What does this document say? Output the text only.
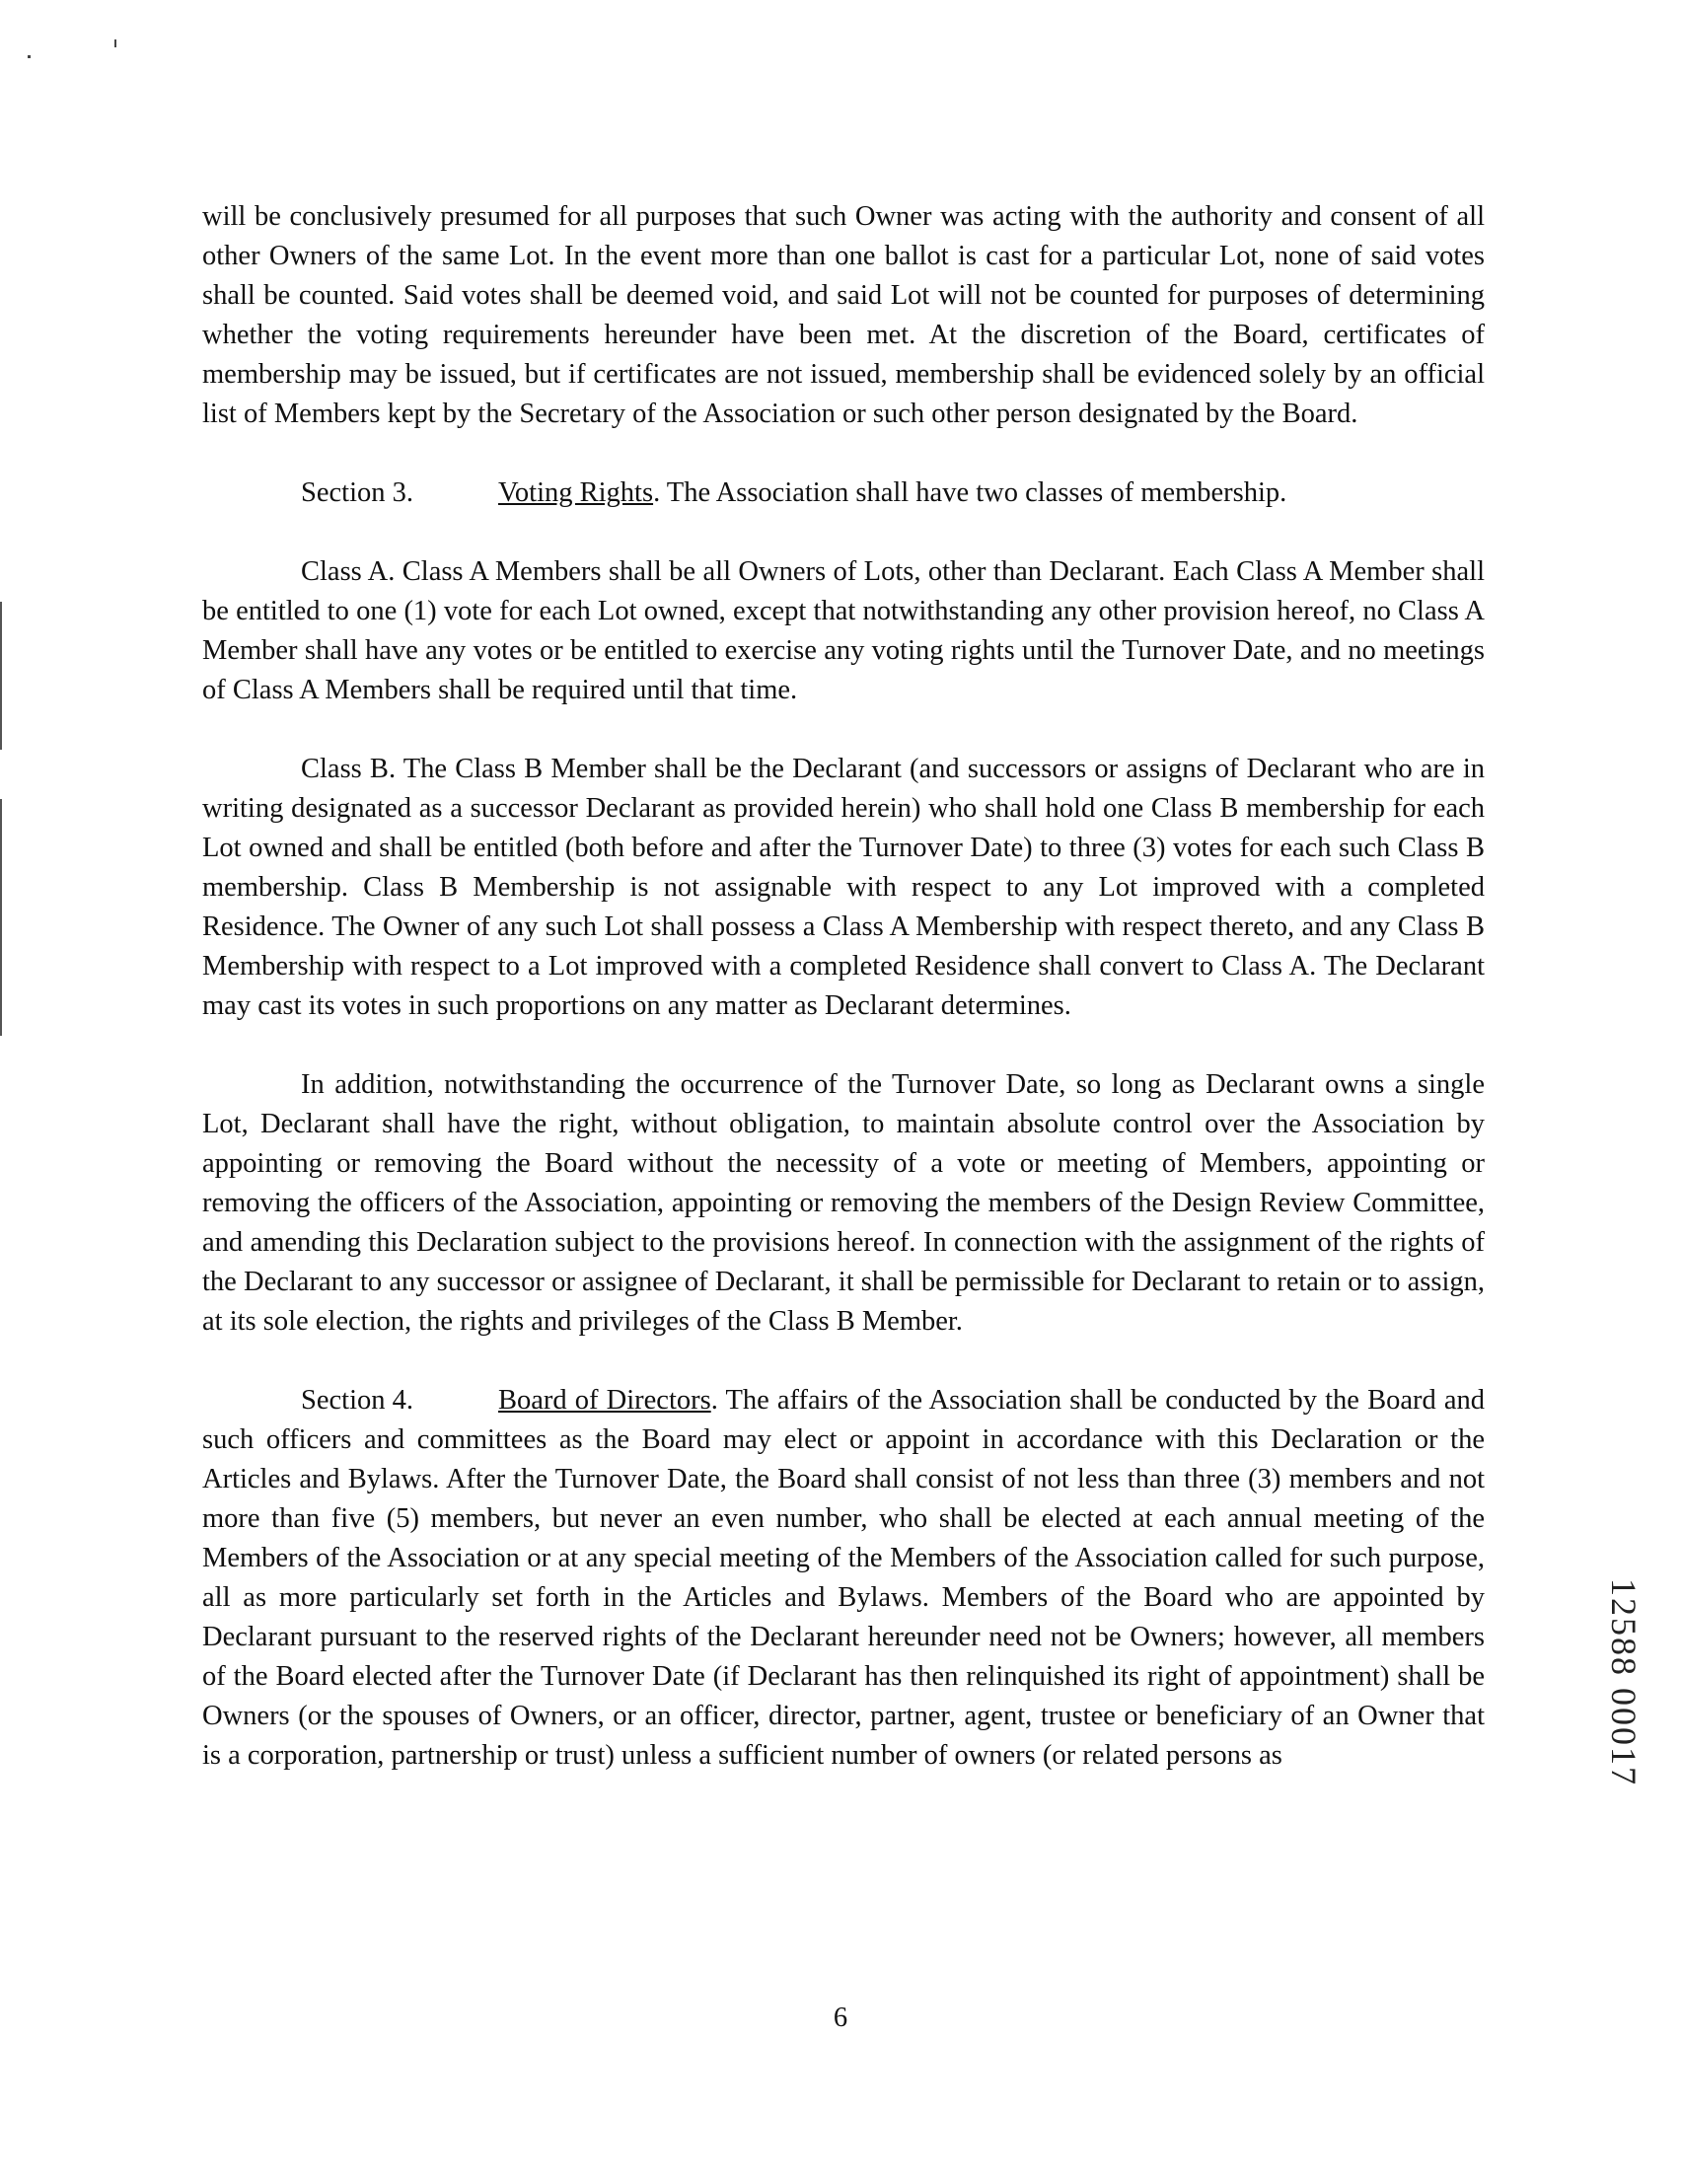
will be conclusively presumed for all purposes that such Owner was acting with the authority and consent of all other Owners of the same Lot. In the event more than one ballot is cast for a particular Lot, none of said votes shall be counted. Said votes shall be deemed void, and said Lot will not be counted for purposes of determining whether the voting requirements hereunder have been met. At the discretion of the Board, certificates of membership may be issued, but if certificates are not issued, membership shall be evidenced solely by an official list of Members kept by the Secretary of the Association or such other person designated by the Board.

Section 3.	Voting Rights. The Association shall have two classes of membership.

Class A. Class A Members shall be all Owners of Lots, other than Declarant. Each Class A Member shall be entitled to one (1) vote for each Lot owned, except that notwithstanding any other provision hereof, no Class A Member shall have any votes or be entitled to exercise any voting rights until the Turnover Date, and no meetings of Class A Members shall be required until that time.

Class B. The Class B Member shall be the Declarant (and successors or assigns of Declarant who are in writing designated as a successor Declarant as provided herein) who shall hold one Class B membership for each Lot owned and shall be entitled (both before and after the Turnover Date) to three (3) votes for each such Class B membership. Class B Membership is not assignable with respect to any Lot improved with a completed Residence. The Owner of any such Lot shall possess a Class A Membership with respect thereto, and any Class B Membership with respect to a Lot improved with a completed Residence shall convert to Class A. The Declarant may cast its votes in such proportions on any matter as Declarant determines.

In addition, notwithstanding the occurrence of the Turnover Date, so long as Declarant owns a single Lot, Declarant shall have the right, without obligation, to maintain absolute control over the Association by appointing or removing the Board without the necessity of a vote or meeting of Members, appointing or removing the officers of the Association, appointing or removing the members of the Design Review Committee, and amending this Declaration subject to the provisions hereof. In connection with the assignment of the rights of the Declarant to any successor or assignee of Declarant, it shall be permissible for Declarant to retain or to assign, at its sole election, the rights and privileges of the Class B Member.

Section 4.	Board of Directors. The affairs of the Association shall be conducted by the Board and such officers and committees as the Board may elect or appoint in accordance with this Declaration or the Articles and Bylaws. After the Turnover Date, the Board shall consist of not less than three (3) members and not more than five (5) members, but never an even number, who shall be elected at each annual meeting of the Members of the Association or at any special meeting of the Members of the Association called for such purpose, all as more particularly set forth in the Articles and Bylaws. Members of the Board who are appointed by Declarant pursuant to the reserved rights of the Declarant hereunder need not be Owners; however, all members of the Board elected after the Turnover Date (if Declarant has then relinquished its right of appointment) shall be Owners (or the spouses of Owners, or an officer, director, partner, agent, trustee or beneficiary of an Owner that is a corporation, partnership or trust) unless a sufficient number of owners (or related persons as

6
12588 00017
